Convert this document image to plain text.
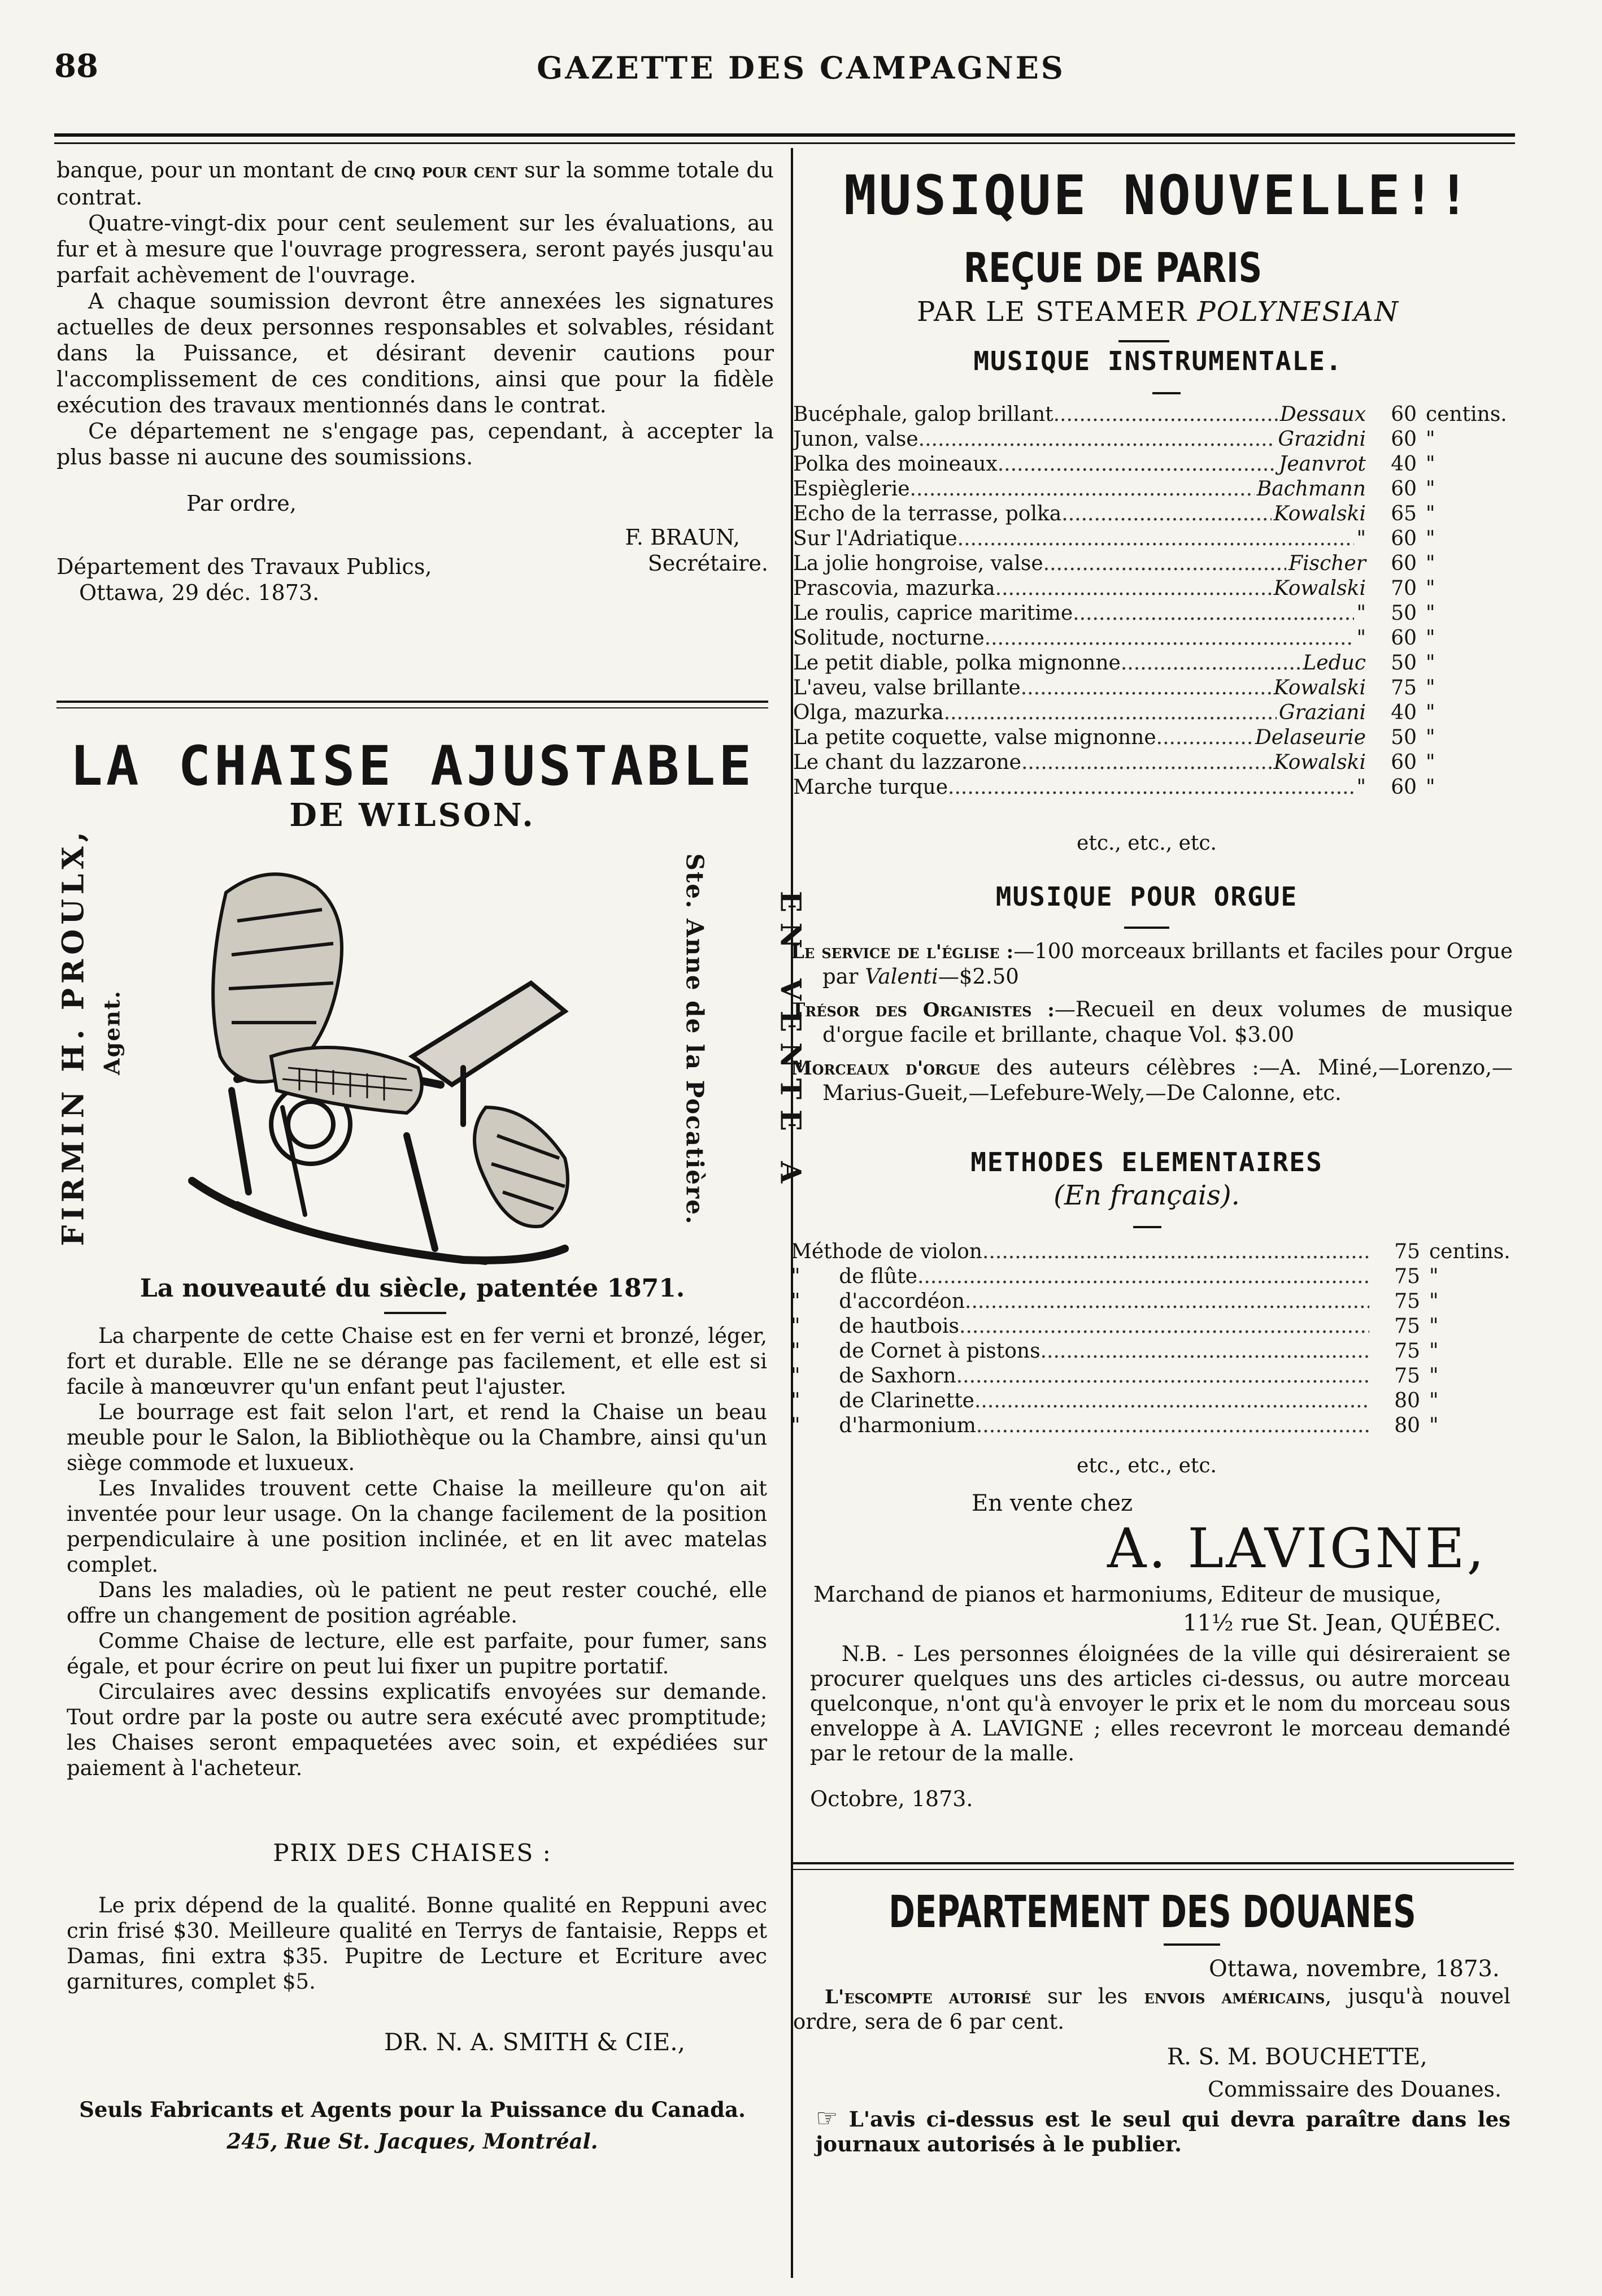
88	GAZETTE DES CAMPAGNES

banque, pour un montant de cinq pour cent sur la somme totale du contrat.

Quatre-vingt-dix pour cent seulement sur les évaluations, au fur et à mesure que l'ouvrage progressera, seront payés jusqu'au parfait achèvement de l'ouvrage.

A chaque soumission devront être annexées les signatures actuelles de deux personnes responsables et solvables, résidant dans la Puissance, et désirant devenir cautions pour l'accomplissement de ces conditions, ainsi que pour la fidèle exécution des travaux mentionnés dans le contrat.

Ce département ne s'engage pas, cependant, à accepter la plus basse ni aucune des soumissions.

Par ordre,
F. BRAUN,
Secrétaire.
Département des Travaux Publics,
Ottawa, 29 déc. 1873.
LA CHAISE AJUSTABLE
DE WILSON.
FIRMIN H. PROULX, Agent.	EN VENTE A
Ste. Anne de la Pocatière.
La nouveauté du siècle, patentée 1871.

La charpente de cette Chaise est en fer verni et bronzé, léger, fort et durable. Elle ne se dérange pas facilement, et elle est si facile à manœuvrer qu'un enfant peut l'ajuster.

Le bourrage est fait selon l'art, et rend la Chaise un beau meuble pour le Salon, la Bibliothèque ou la Chambre, ainsi qu'un siège commode et luxueux.

Les Invalides trouvent cette Chaise la meilleure qu'on ait inventée pour leur usage. On la change facilement de la position perpendiculaire à une position inclinée, et en lit avec matelas complet.

Dans les maladies, où le patient ne peut rester couché, elle offre un changement de position agréable.

Comme Chaise de lecture, elle est parfaite, pour fumer, sans égale, et pour écrire on peut lui fixer un pupitre portatif.

Circulaires avec dessins explicatifs envoyées sur demande. Tout ordre par la poste ou autre sera exécuté avec promptitude; les Chaises seront empaquetées avec soin, et expédiées sur paiement à l'acheteur.

PRIX DES CHAISES :

Le prix dépend de la qualité. Bonne qualité en Reppuni avec crin frisé $30. Meilleure qualité en Terrys de fantaisie, Repps et Damas, fini extra $35. Pupitre de Lecture et Ecriture avec garnitures, complet $5.

DR. N. A. SMITH & CIE.,
Seuls Fabricants et Agents pour la Puissance du Canada.
245, Rue St. Jacques, Montréal.
MUSIQUE NOUVELLE!!
REÇUE DE PARIS
PAR LE STEAMER POLYNESIAN
MUSIQUE INSTRUMENTALE.
Bucéphale, galop brillant .....	Dessaux	60 centins.
Junon, valse .....	Grazidni	60 "
Polka des moineaux .....	Jeanvrot	40 "
Espièglerie .....	Bachmann	60 "
Echo de la terrasse, polka .....	Kowalski	65 "
Sur l'Adriatique .....	"	60 "
La jolie hongroise, valse .....	Fischer	60 "
Prascovia, mazurka .....	Kowalski	70 "
Le roulis, caprice maritime .....	"	50 "
Solitude, nocturne .....	"	60 "
Le petit diable, polka mignonne .....	Leduc	50 "
L'aveu, valse brillante .....	Kowalski	75 "
Olga, mazurka .....	Graziani	40 "
La petite coquette, valse mignonne .....	Delaseurie	50 "
Le chant du lazzarone .....	Kowalski	60 "
Marche turque .....	"	60 "
etc., etc., etc.
MUSIQUE POUR ORGUE

Le service de l'église :—100 morceaux brillants et faciles pour Orgue par Valenti—$2.50

Trésor des Organistes :—Recueil en deux volumes de musique d'orgue facile et brillante, chaque Vol. $3.00

Morceaux d'orgue des auteurs célèbres :—A. Miné,—Lorenzo,—Marius-Gueit,—Lefebure-Wely,—De Calonne, etc.

METHODES ELEMENTAIRES
(En français).
Méthode de violon .....	75 centins.
"      de flûte .....	75 "
"      d'accordéon .....	75 "
"      de hautbois .....	75 "
"      de Cornet à pistons .....	75 "
"      de Saxhorn .....	75 "
"      de Clarinette .....	80 "
"      d'harmonium .....	80 "
etc., etc., etc.
En vente chez
A. LAVIGNE,
Marchand de pianos et harmoniums, Editeur de musique,
11½ rue St. Jean, QUÉBEC.

N.B. - Les personnes éloignées de la ville qui désireraient se procurer quelques uns des articles ci-dessus, ou autre morceau quelconque, n'ont qu'à envoyer le prix et le nom du morceau sous enveloppe à A. LAVIGNE ; elles recevront le morceau demandé par le retour de la malle.

Octobre, 1873.
DEPARTEMENT DES DOUANES
Ottawa, novembre, 1873.

L'escompte autorisé sur les envois américains, jusqu'à nouvel ordre, sera de 6 par cent.

R. S. M. BOUCHETTE,
Commissaire des Douanes.

☞ L'avis ci-dessus est le seul qui devra paraître dans les journaux autorisés à le publier.
